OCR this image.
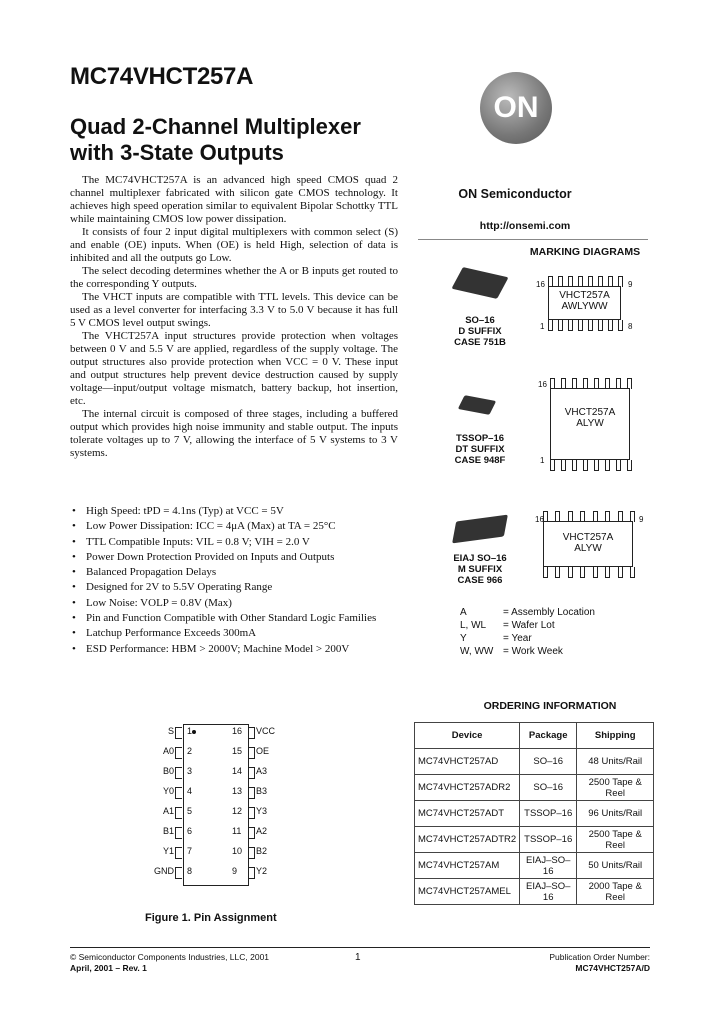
MC74VHCT257A
Quad 2-Channel Multiplexer
with 3-State Outputs

The MC74VHCT257A is an advanced high speed CMOS quad 2 channel multiplexer fabricated with silicon gate CMOS technology. It achieves high speed operation similar to equivalent Bipolar Schottky TTL while maintaining CMOS low power dissipation.

It consists of four 2 input digital multiplexers with common select (S) and enable (OE) inputs. When (OE) is held High, selection of data is inhibited and all the outputs go Low.

The select decoding determines whether the A or B inputs get routed to the corresponding Y outputs.

The VHCT inputs are compatible with TTL levels. This device can be used as a level converter for interfacing 3.3 V to 5.0 V because it has full 5 V CMOS level output swings.

The VHCT257A input structures provide protection when voltages between 0 V and 5.5 V are applied, regardless of the supply voltage. The output structures also provide protection when VCC = 0 V. These input and output structures help prevent device destruction caused by supply voltage—input/output voltage mismatch, battery backup, hot insertion, etc.

The internal circuit is composed of three stages, including a buffered output which provides high noise immunity and stable output. The inputs tolerate voltages up to 7 V, allowing the interface of 5 V systems to 3 V systems.

• High Speed: tPD = 4.1ns (Typ) at VCC = 5V
• Low Power Dissipation: ICC = 4μA (Max) at TA = 25°C
• TTL Compatible Inputs: VIL = 0.8 V; VIH = 2.0 V
• Power Down Protection Provided on Inputs and Outputs
• Balanced Propagation Delays
• Designed for 2V to 5.5V Operating Range
• Low Noise: VOLP = 0.8V (Max)
• Pin and Function Compatible with Other Standard Logic Families
• Latchup Performance Exceeds 300mA
• ESD Performance: HBM > 2000V; Machine Model > 200V
ON
ON Semiconductor
http://onsemi.com
MARKING DIAGRAMS
SO–16
D SUFFIX
CASE 751B
VHCT257A
AWLYWW
16	9
1	8
TSSOP–16
DT SUFFIX
CASE 948F
VHCT257A
ALYW
16
1
EIAJ SO–16
M SUFFIX
CASE 966
VHCT257A
ALYW
16	9
A	= Assembly Location
L, WL = Wafer Lot
Y	= Year
W, WW = Work Week
ORDERING INFORMATION
Device	Package	Shipping
MC74VHCT257AD	SO–16	48 Units/Rail
MC74VHCT257ADR2	SO–16	2500 Tape & Reel
MC74VHCT257ADT	TSSOP–16	96 Units/Rail
MC74VHCT257ADTR2	TSSOP–16	2500 Tape & Reel
MC74VHCT257AM	EIAJ–SO–16	50 Units/Rail
MC74VHCT257AMEL	EIAJ–SO–16	2000 Tape & Reel
S 1	16 VCC
A0 2	15 OE
B0 3	14 A3
Y0 4	13 B3
A1 5	12 Y3
B1 6	11 A2
Y1 7	10 B2
GND 8	9 Y2
Figure 1. Pin Assignment
© Semiconductor Components Industries, LLC, 2001
April, 2001 – Rev. 1
1	Publication Order Number:
MC74VHCT257A/D
